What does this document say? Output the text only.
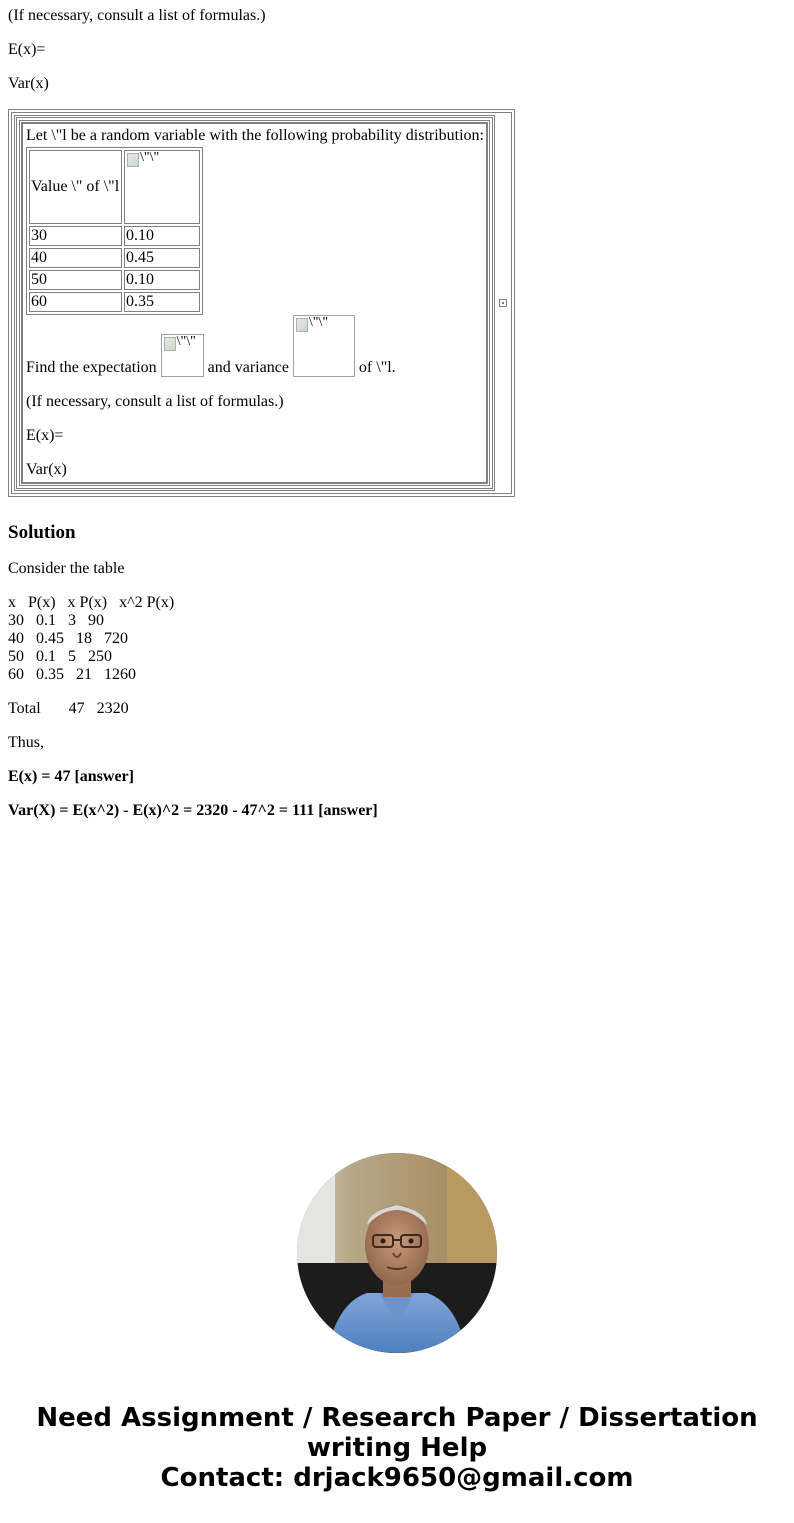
(If necessary, consult a list of formulas.)

E(x)=

Var(x)

Let \"l be a random variable with the following probability distribution:
Value \" of \"l	\"\"
30	0.10
40	0.45
50	0.10
60	0.35
Find the expectation \"\" and variance \"\" of \"l.

(If necessary, consult a list of formulas.)

E(x)=

Var(x)

Solution

Consider the table

x   P(x)   x P(x)   x^2 P(x)
30   0.1   3   90
40   0.45   18   720
50   0.1   5   250
60   0.35   21   1260

Total       47   2320

Thus,

E(x) = 47 [answer]

Var(X) = E(x^2) - E(x)^2 = 2320 - 47^2 = 111 [answer]

Need Assignment / Research Paper / Dissertation
writing Help
Contact: drjack9650@gmail.com
